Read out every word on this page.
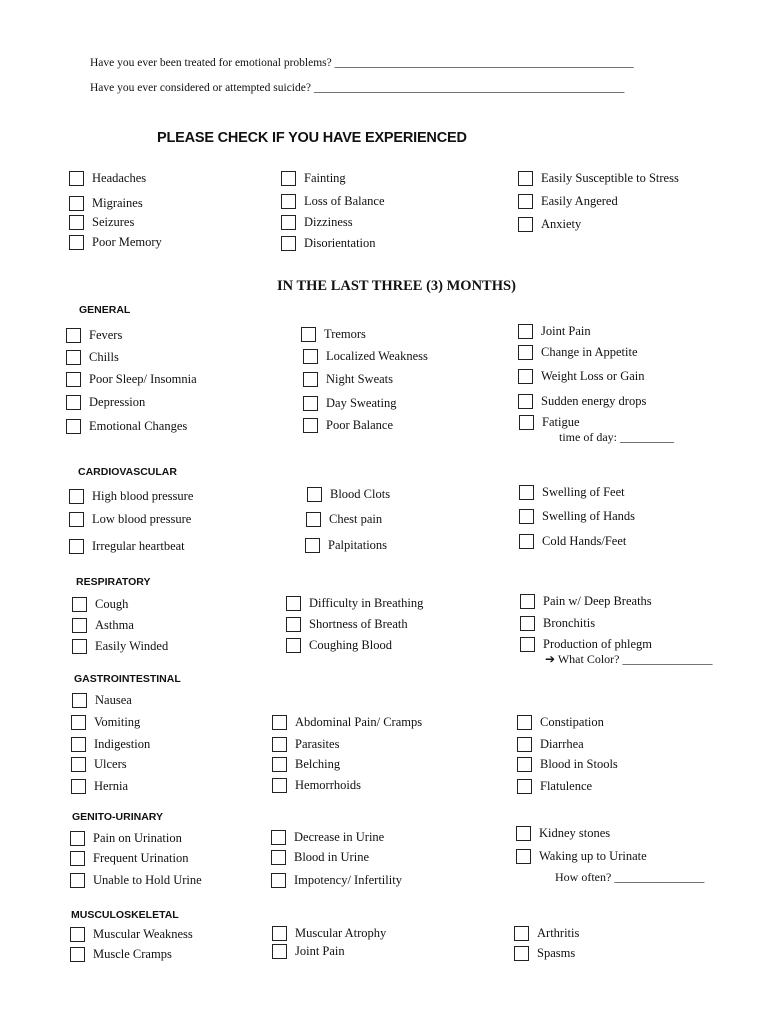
Have you ever been treated for emotional problems? ____________________________________________________
Have you ever considered or attempted suicide? ______________________________________________________
PLEASE CHECK IF YOU HAVE EXPERIENCED
Headaches
Migraines
Seizures
Poor Memory
Fainting
Loss of Balance
Dizziness
Disorientation
Easily Susceptible to Stress
Easily Angered
Anxiety
IN THE LAST THREE (3) MONTHS)
GENERAL
Fevers
Chills
Poor Sleep/ Insomnia
Depression
Emotional Changes
Tremors
Localized Weakness
Night Sweats
Day Sweating
Poor Balance
Joint Pain
Change in Appetite
Weight Loss or Gain
Sudden energy drops
Fatigue
time of day: _________
CARDIOVASCULAR
High blood pressure
Low blood pressure
Irregular heartbeat
Blood Clots
Chest pain
Palpitations
Swelling of Feet
Swelling of Hands
Cold Hands/Feet
RESPIRATORY
Cough
Asthma
Easily Winded
Difficulty in Breathing
Shortness of Breath
Coughing Blood
Pain w/ Deep Breaths
Bronchitis
Production of phlegm
➔ What Color? _______________
GASTROINTESTINAL
Nausea
Vomiting
Indigestion
Ulcers
Hernia
Abdominal Pain/ Cramps
Parasites
Belching
Hemorrhoids
Constipation
Diarrhea
Blood in Stools
Flatulence
GENITO-URINARY
Pain on Urination
Frequent Urination
Unable to Hold Urine
Decrease in Urine
Blood in Urine
Impotency/ Infertility
Kidney stones
Waking up to Urinate
How often? _______________
MUSCULOSKELETAL
Muscular Weakness
Muscle Cramps
Muscular Atrophy
Joint Pain
Arthritis
Spasms
